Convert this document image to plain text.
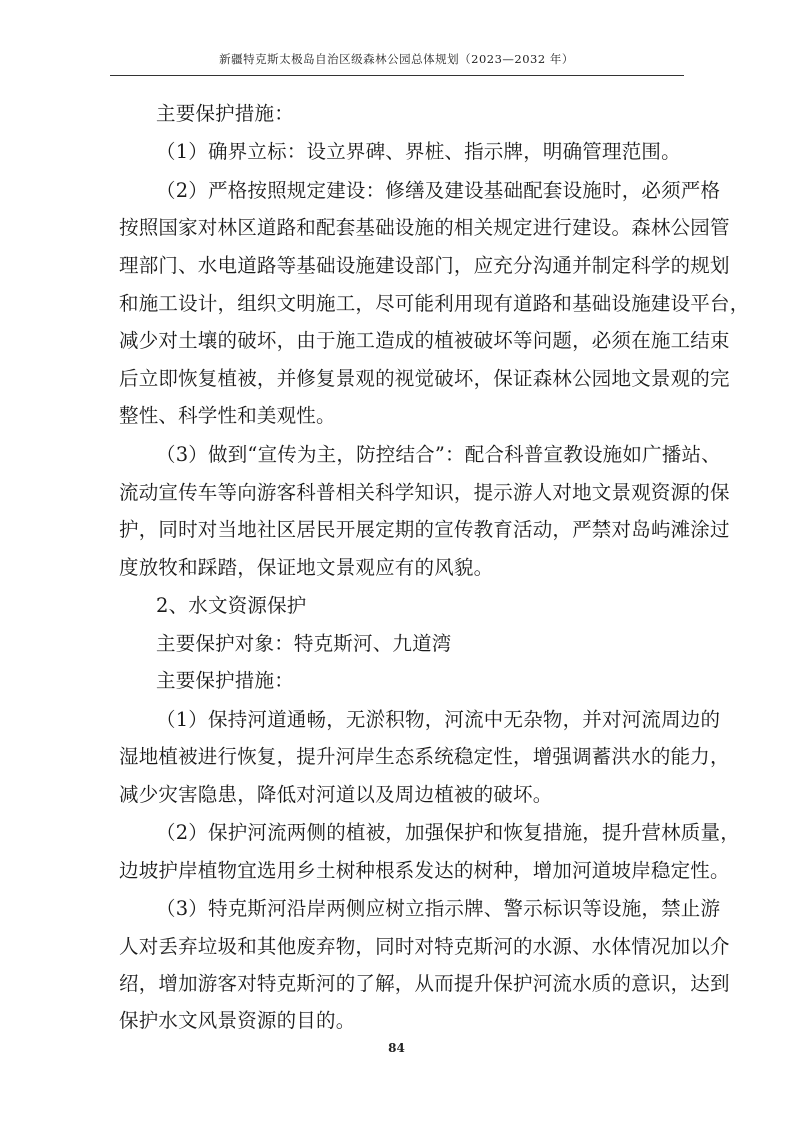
新疆特克斯太极岛自治区级森林公园总体规划（2023—2032 年）
主要保护措施：
（1）确界立标：设立界碑、界桩、指示牌，明确管理范围。
（2）严格按照规定建设：修缮及建设基础配套设施时，必须严格
按照国家对林区道路和配套基础设施的相关规定进行建设。森林公园管
理部门、水电道路等基础设施建设部门，应充分沟通并制定科学的规划
和施工设计，组织文明施工，尽可能利用现有道路和基础设施建设平台，
减少对土壤的破坏，由于施工造成的植被破坏等问题，必须在施工结束
后立即恢复植被，并修复景观的视觉破坏，保证森林公园地文景观的完
整性、科学性和美观性。
（3）做到“宣传为主，防控结合”：配合科普宣教设施如广播站、
流动宣传车等向游客科普相关科学知识，提示游人对地文景观资源的保
护，同时对当地社区居民开展定期的宣传教育活动，严禁对岛屿滩涂过
度放牧和踩踏，保证地文景观应有的风貌。
2、水文资源保护
主要保护对象：特克斯河、九道湾
主要保护措施：
（1）保持河道通畅，无淤积物，河流中无杂物，并对河流周边的
湿地植被进行恢复，提升河岸生态系统稳定性，增强调蓄洪水的能力，
减少灾害隐患，降低对河道以及周边植被的破坏。
（2）保护河流两侧的植被，加强保护和恢复措施，提升营林质量，
边坡护岸植物宜选用乡土树种根系发达的树种，增加河道坡岸稳定性。
（3）特克斯河沿岸两侧应树立指示牌、警示标识等设施，禁止游
人对丢弃垃圾和其他废弃物，同时对特克斯河的水源、水体情况加以介
绍，增加游客对特克斯河的了解，从而提升保护河流水质的意识，达到
保护水文风景资源的目的。
84
